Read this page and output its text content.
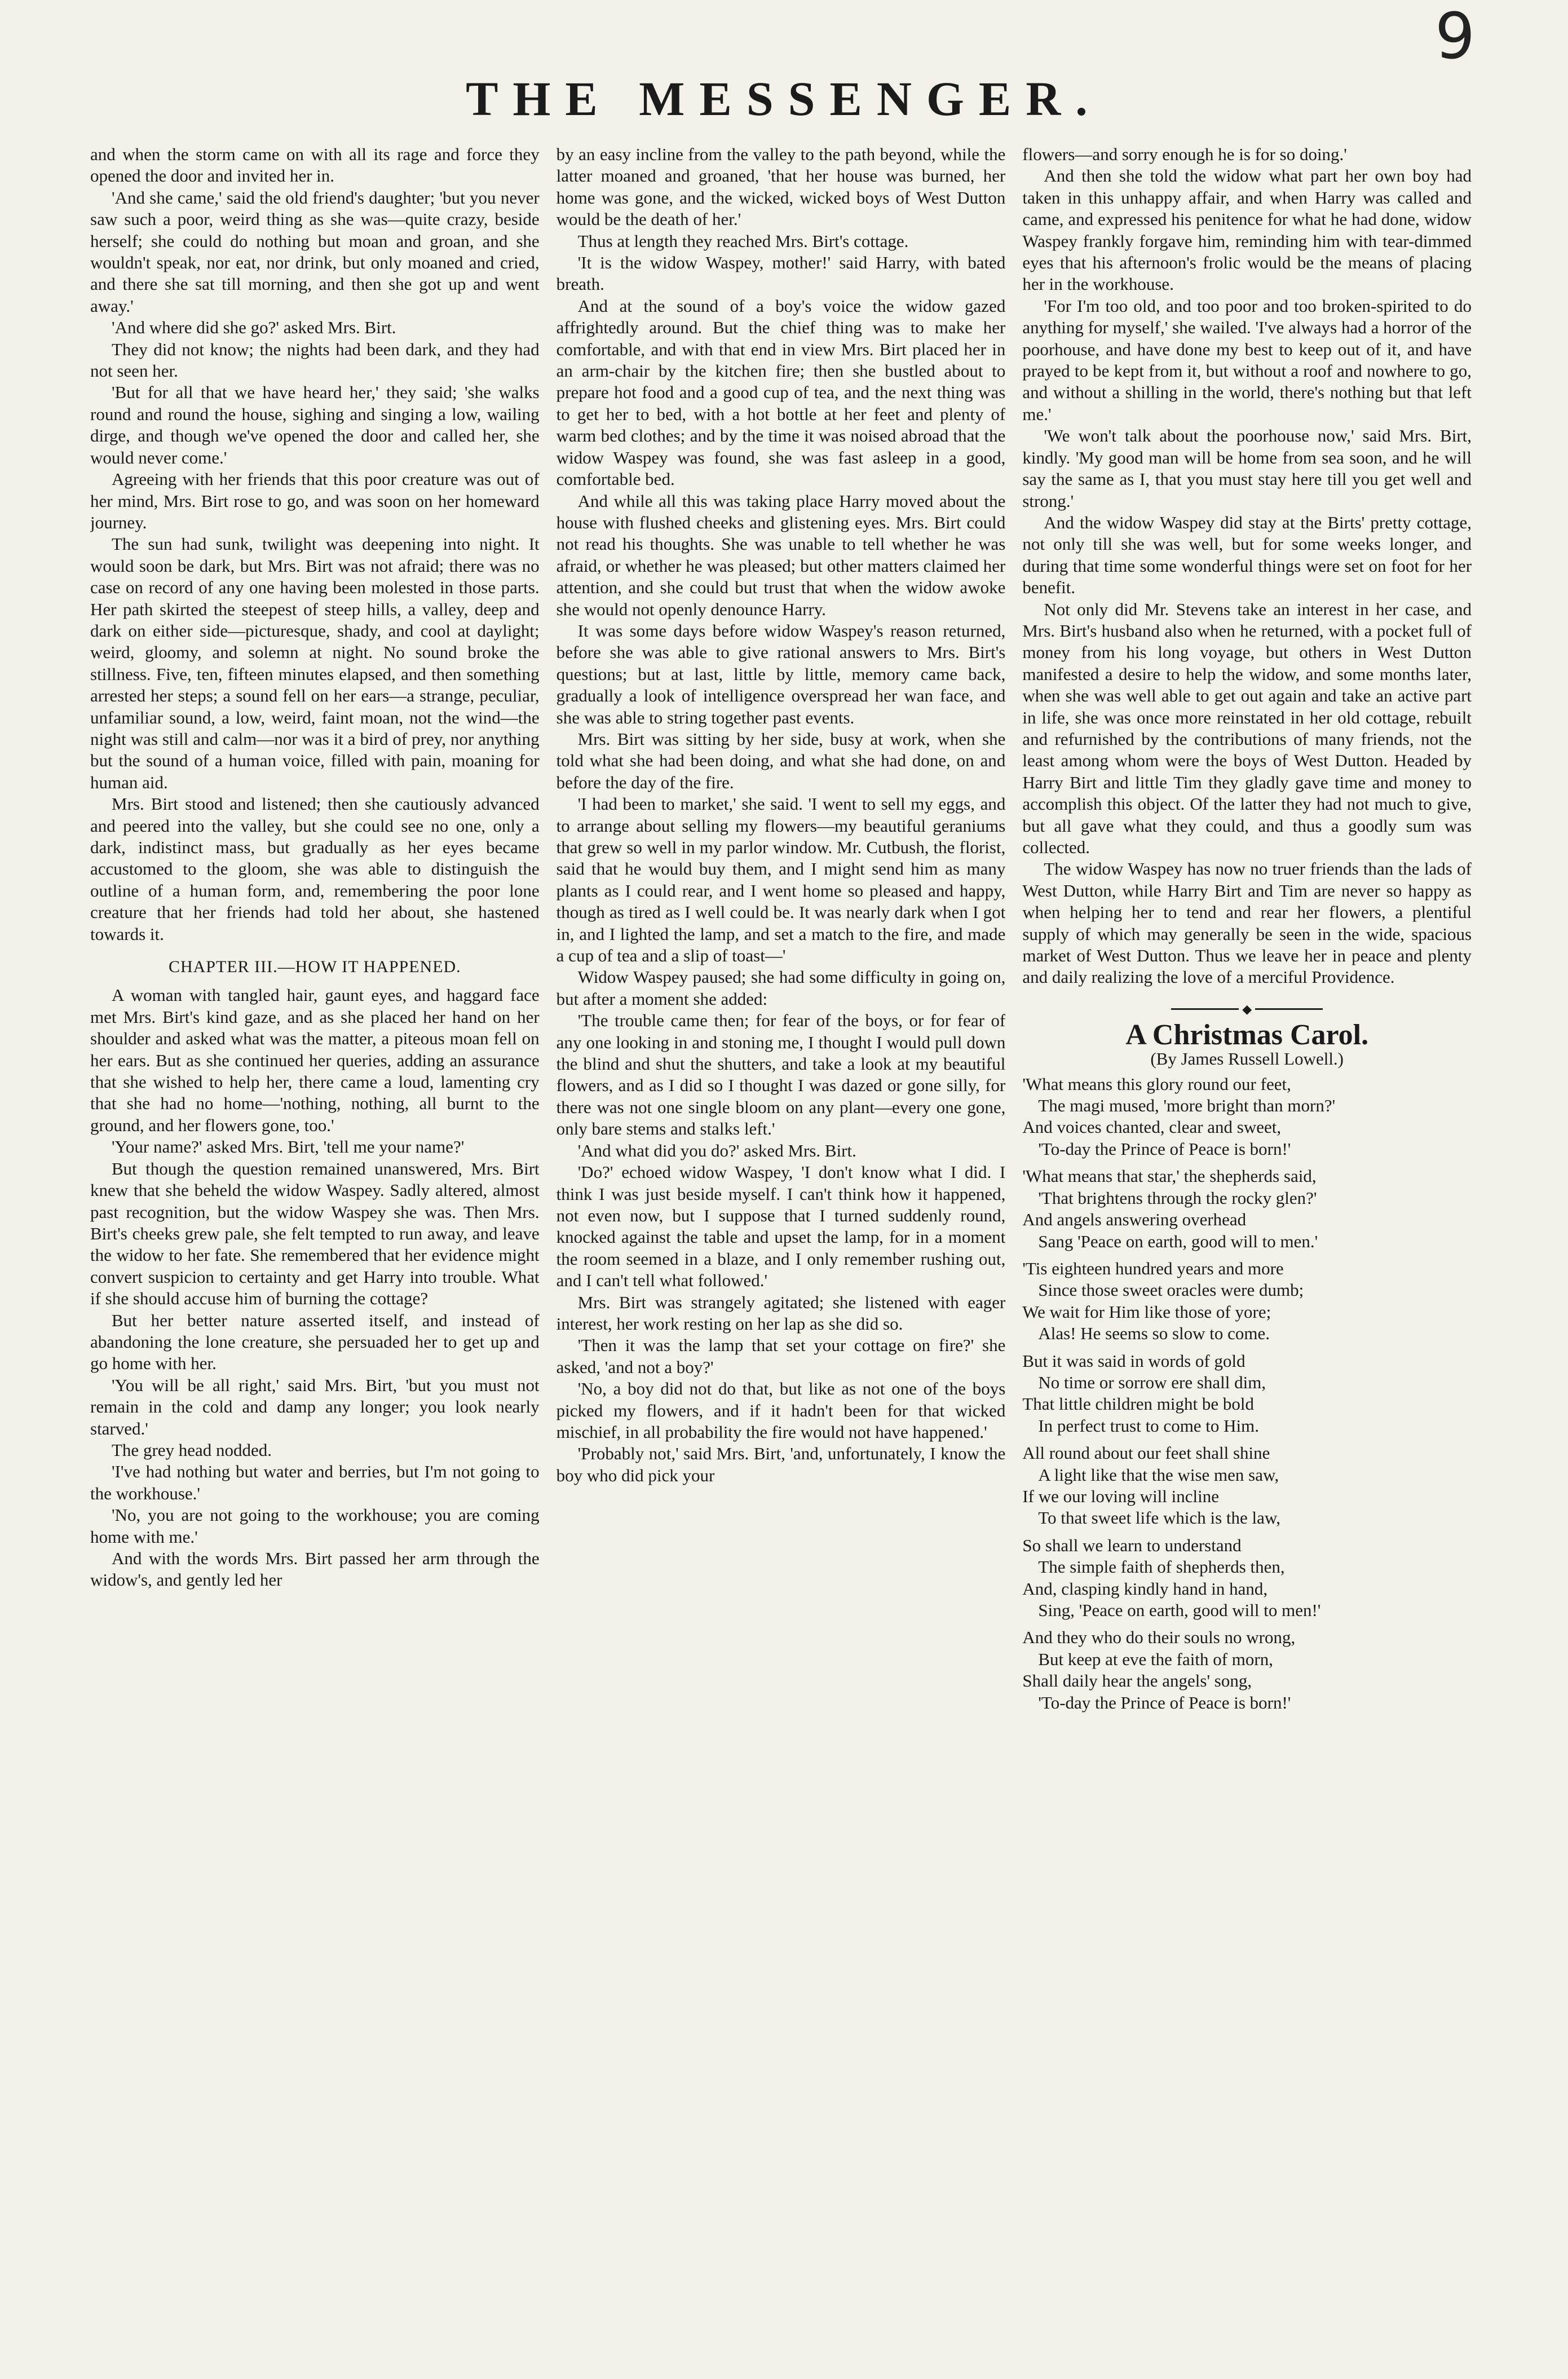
9
THE MESSENGER.

and when the storm came on with all its rage and force they opened the door and invited her in.

'And she came,' said the old friend's daughter; 'but you never saw such a poor, weird thing as she was—quite crazy, beside herself; she could do nothing but moan and groan, and she wouldn't speak, nor eat, nor drink, but only moaned and cried, and there she sat till morning, and then she got up and went away.'

'And where did she go?' asked Mrs. Birt.

They did not know; the nights had been dark, and they had not seen her.

'But for all that we have heard her,' they said; 'she walks round and round the house, sighing and singing a low, wailing dirge, and though we've opened the door and called her, she would never come.'

Agreeing with her friends that this poor creature was out of her mind, Mrs. Birt rose to go, and was soon on her homeward journey.

The sun had sunk, twilight was deepening into night. It would soon be dark, but Mrs. Birt was not afraid; there was no case on record of any one having been molested in those parts. Her path skirted the steepest of steep hills, a valley, deep and dark on either side—picturesque, shady, and cool at daylight; weird, gloomy, and solemn at night. No sound broke the stillness. Five, ten, fifteen minutes elapsed, and then something arrested her steps; a sound fell on her ears—a strange, peculiar, unfamiliar sound, a low, weird, faint moan, not the wind—the night was still and calm—nor was it a bird of prey, nor anything but the sound of a human voice, filled with pain, moaning for human aid.

Mrs. Birt stood and listened; then she cautiously advanced and peered into the valley, but she could see no one, only a dark, indistinct mass, but gradually as her eyes became accustomed to the gloom, she was able to distinguish the outline of a human form, and, remembering the poor lone creature that her friends had told her about, she hastened towards it.

CHAPTER III.—HOW IT HAPPENED.

A woman with tangled hair, gaunt eyes, and haggard face met Mrs. Birt's kind gaze, and as she placed her hand on her shoulder and asked what was the matter, a piteous moan fell on her ears. But as she continued her queries, adding an assurance that she wished to help her, there came a loud, lamenting cry that she had no home—'nothing, nothing, all burnt to the ground, and her flowers gone, too.'

'Your name?' asked Mrs. Birt, 'tell me your name?'

But though the question remained unanswered, Mrs. Birt knew that she beheld the widow Waspey. Sadly altered, almost past recognition, but the widow Waspey she was. Then Mrs. Birt's cheeks grew pale, she felt tempted to run away, and leave the widow to her fate. She remembered that her evidence might convert suspicion to certainty and get Harry into trouble. What if she should accuse him of burning the cottage?

But her better nature asserted itself, and instead of abandoning the lone creature, she persuaded her to get up and go home with her.

'You will be all right,' said Mrs. Birt, 'but you must not remain in the cold and damp any longer; you look nearly starved.'

The grey head nodded.

'I've had nothing but water and berries, but I'm not going to the workhouse.'

'No, you are not going to the workhouse; you are coming home with me.'

And with the words Mrs. Birt passed her arm through the widow's, and gently led her

by an easy incline from the valley to the path beyond, while the latter moaned and groaned, 'that her house was burned, her home was gone, and the wicked, wicked boys of West Dutton would be the death of her.'

Thus at length they reached Mrs. Birt's cottage.

'It is the widow Waspey, mother!' said Harry, with bated breath.

And at the sound of a boy's voice the widow gazed affrightedly around. But the chief thing was to make her comfortable, and with that end in view Mrs. Birt placed her in an arm-chair by the kitchen fire; then she bustled about to prepare hot food and a good cup of tea, and the next thing was to get her to bed, with a hot bottle at her feet and plenty of warm bed clothes; and by the time it was noised abroad that the widow Waspey was found, she was fast asleep in a good, comfortable bed.

And while all this was taking place Harry moved about the house with flushed cheeks and glistening eyes. Mrs. Birt could not read his thoughts. She was unable to tell whether he was afraid, or whether he was pleased; but other matters claimed her attention, and she could but trust that when the widow awoke she would not openly denounce Harry.

It was some days before widow Waspey's reason returned, before she was able to give rational answers to Mrs. Birt's questions; but at last, little by little, memory came back, gradually a look of intelligence overspread her wan face, and she was able to string together past events.

Mrs. Birt was sitting by her side, busy at work, when she told what she had been doing, and what she had done, on and before the day of the fire.

'I had been to market,' she said. 'I went to sell my eggs, and to arrange about selling my flowers—my beautiful geraniums that grew so well in my parlor window. Mr. Cutbush, the florist, said that he would buy them, and I might send him as many plants as I could rear, and I went home so pleased and happy, though as tired as I well could be. It was nearly dark when I got in, and I lighted the lamp, and set a match to the fire, and made a cup of tea and a slip of toast—'

Widow Waspey paused; she had some difficulty in going on, but after a moment she added:

'The trouble came then; for fear of the boys, or for fear of any one looking in and stoning me, I thought I would pull down the blind and shut the shutters, and take a look at my beautiful flowers, and as I did so I thought I was dazed or gone silly, for there was not one single bloom on any plant—every one gone, only bare stems and stalks left.'

'And what did you do?' asked Mrs. Birt.

'Do?' echoed widow Waspey, 'I don't know what I did. I think I was just beside myself. I can't think how it happened, not even now, but I suppose that I turned suddenly round, knocked against the table and upset the lamp, for in a moment the room seemed in a blaze, and I only remember rushing out, and I can't tell what followed.'

Mrs. Birt was strangely agitated; she listened with eager interest, her work resting on her lap as she did so.

'Then it was the lamp that set your cottage on fire?' she asked, 'and not a boy?'

'No, a boy did not do that, but like as not one of the boys picked my flowers, and if it hadn't been for that wicked mischief, in all probability the fire would not have happened.'

'Probably not,' said Mrs. Birt, 'and, unfortunately, I know the boy who did pick your

flowers—and sorry enough he is for so doing.'

And then she told the widow what part her own boy had taken in this unhappy affair, and when Harry was called and came, and expressed his penitence for what he had done, widow Waspey frankly forgave him, reminding him with tear-dimmed eyes that his afternoon's frolic would be the means of placing her in the workhouse.

'For I'm too old, and too poor and too broken-spirited to do anything for myself,' she wailed. 'I've always had a horror of the poorhouse, and have done my best to keep out of it, and have prayed to be kept from it, but without a roof and nowhere to go, and without a shilling in the world, there's nothing but that left me.'

'We won't talk about the poorhouse now,' said Mrs. Birt, kindly. 'My good man will be home from sea soon, and he will say the same as I, that you must stay here till you get well and strong.'

And the widow Waspey did stay at the Birts' pretty cottage, not only till she was well, but for some weeks longer, and during that time some wonderful things were set on foot for her benefit.

Not only did Mr. Stevens take an interest in her case, and Mrs. Birt's husband also when he returned, with a pocket full of money from his long voyage, but others in West Dutton manifested a desire to help the widow, and some months later, when she was well able to get out again and take an active part in life, she was once more reinstated in her old cottage, rebuilt and refurnished by the contributions of many friends, not the least among whom were the boys of West Dutton. Headed by Harry Birt and little Tim they gladly gave time and money to accomplish this object. Of the latter they had not much to give, but all gave what they could, and thus a goodly sum was collected.

The widow Waspey has now no truer friends than the lads of West Dutton, while Harry Birt and Tim are never so happy as when helping her to tend and rear her flowers, a plentiful supply of which may generally be seen in the wide, spacious market of West Dutton. Thus we leave her in peace and plenty and daily realizing the love of a merciful Providence.

◆
A Christmas Carol.
(By James Russell Lowell.)
'What means this glory round our feet,
The magi mused, 'more bright than morn?'
And voices chanted, clear and sweet,
'To-day the Prince of Peace is born!'
'What means that star,' the shepherds said,
'That brightens through the rocky glen?'
And angels answering overhead
Sang 'Peace on earth, good will to men.'
'Tis eighteen hundred years and more
Since those sweet oracles were dumb;
We wait for Him like those of yore;
Alas! He seems so slow to come.
But it was said in words of gold
No time or sorrow ere shall dim,
That little children might be bold
In perfect trust to come to Him.
All round about our feet shall shine
A light like that the wise men saw,
If we our loving will incline
To that sweet life which is the law,
So shall we learn to understand
The simple faith of shepherds then,
And, clasping kindly hand in hand,
Sing, 'Peace on earth, good will to men!'
And they who do their souls no wrong,
But keep at eve the faith of morn,
Shall daily hear the angels' song,
'To-day the Prince of Peace is born!'
